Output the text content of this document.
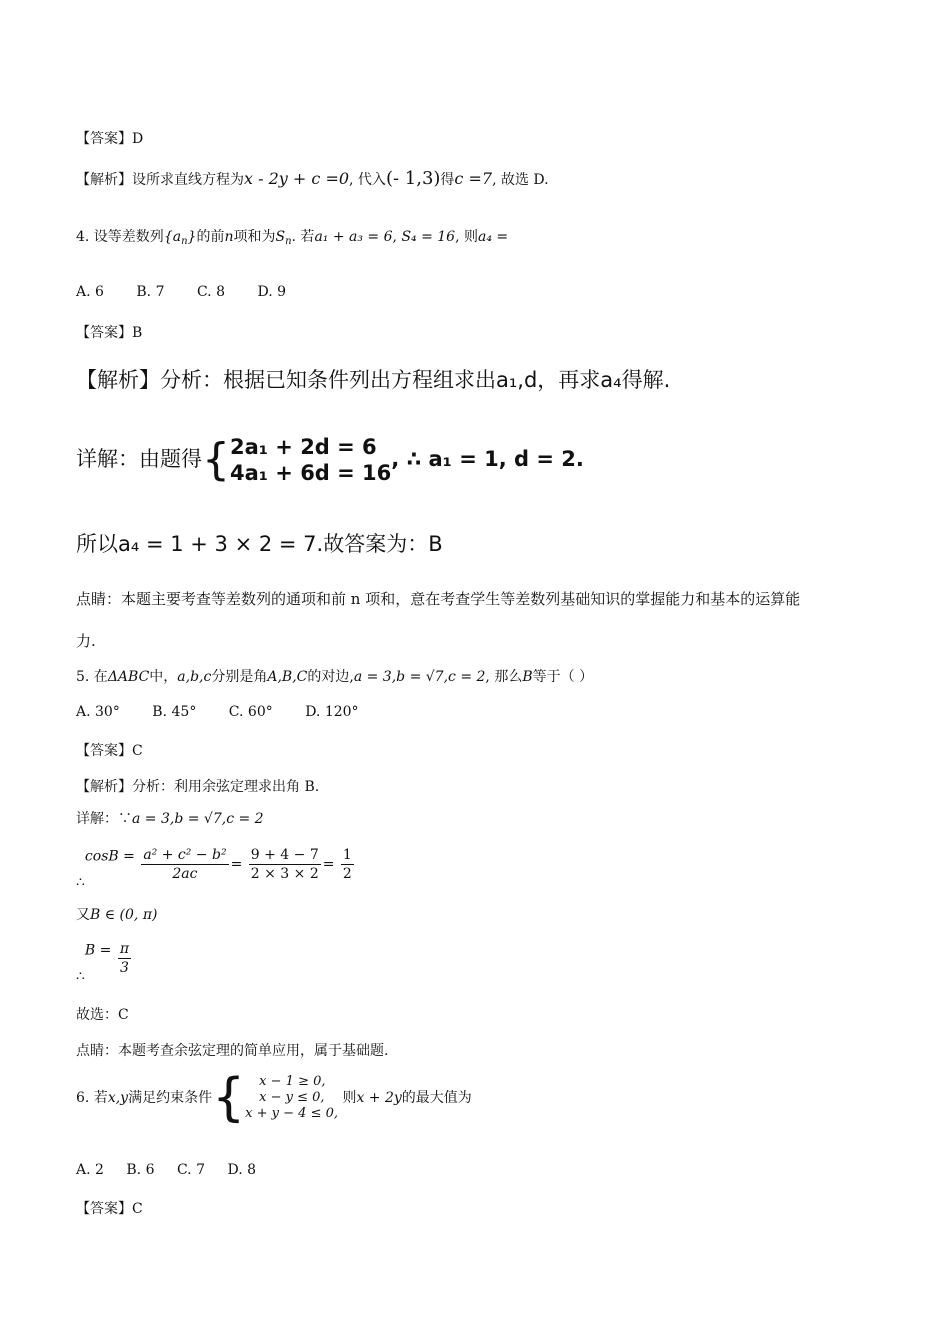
【答案】D
【解析】设所求直线方程为x - 2y + c =0, 代入(- 1,3)得c =7, 故选 D.
4. 设等差数列$\{a_n\}$的前n项和为$S_n$. 若a₁ + a₃ = 6, S₄ = 16, 则a₄ =
A. 6 B. 7 C. 8 D. 9
【答案】B
【解析】分析：根据已知条件列出方程组求出a₁,d，再求a₄得解.
详解：由题得{ 2a₁ + 2d = 6
4a₁ + 6d = 16
, ∴ a₁ = 1, d = 2.
所以a₄ = 1 + 3 × 2 = 7.故答案为：B
点睛：本题主要考查等差数列的通项和前 n 项和，意在考查学生等差数列基础知识的掌握能力和基本的运算能
力.
5. 在ΔABC中，a,b,c分别是角A,B,C的对边,a = 3,b = √7,c = 2, 那么B等于（ ）
A. 30° B. 45° C. 60° D. 120°
【答案】C
【解析】分析：利用余弦定理求出角 B.
详解：∵a = 3,b = √7,c = 2
∴cosB = $\frac{\text{a² + c² − b²}}{2ac} = \frac{9 + 4 - 7}{2 \times 3 \times 2} = \frac{1}{2}$
又B ∈ (0, π)
∴B = $\frac{\pi}{3}$
故选：C
点睛：本题考查余弦定理的简单应用，属于基础题.
6. 若x,y满足约束条件{	x − 1 ≥ 0,
x − y ≤ 0,
x + y − 4 ≤ 0,
则x + 2y的最大值为
A. 2 B. 6 C. 7 D. 8
【答案】C
